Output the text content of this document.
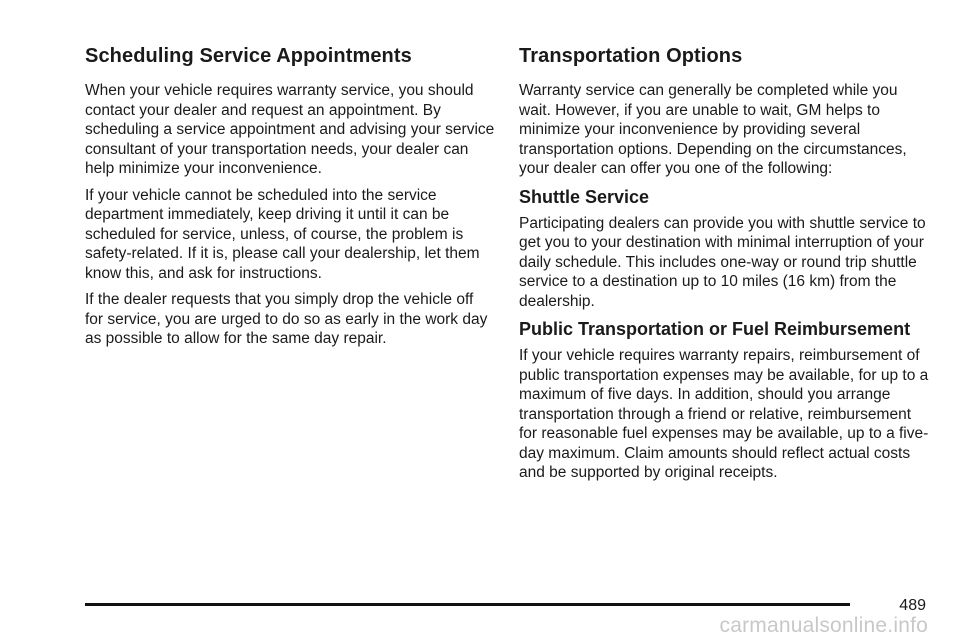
Scheduling Service Appointments

When your vehicle requires warranty service, you should contact your dealer and request an appointment. By scheduling a service appointment and advising your service consultant of your transportation needs, your dealer can help minimize your inconvenience.

If your vehicle cannot be scheduled into the service department immediately, keep driving it until it can be scheduled for service, unless, of course, the problem is safety-related. If it is, please call your dealership, let them know this, and ask for instructions.

If the dealer requests that you simply drop the vehicle off for service, you are urged to do so as early in the work day as possible to allow for the same day repair.

Transportation Options

Warranty service can generally be completed while you wait. However, if you are unable to wait, GM helps to minimize your inconvenience by providing several transportation options. Depending on the circumstances, your dealer can offer you one of the following:

Shuttle Service

Participating dealers can provide you with shuttle service to get you to your destination with minimal interruption of your daily schedule. This includes one-way or round trip shuttle service to a destination up to 10 miles (16 km) from the dealership.

Public Transportation or Fuel Reimbursement

If your vehicle requires warranty repairs, reimbursement of public transportation expenses may be available, for up to a maximum of five days. In addition, should you arrange transportation through a friend or relative, reimbursement for reasonable fuel expenses may be available, up to a five-day maximum. Claim amounts should reflect actual costs and be supported by original receipts.

489
carmanualsonline.info
